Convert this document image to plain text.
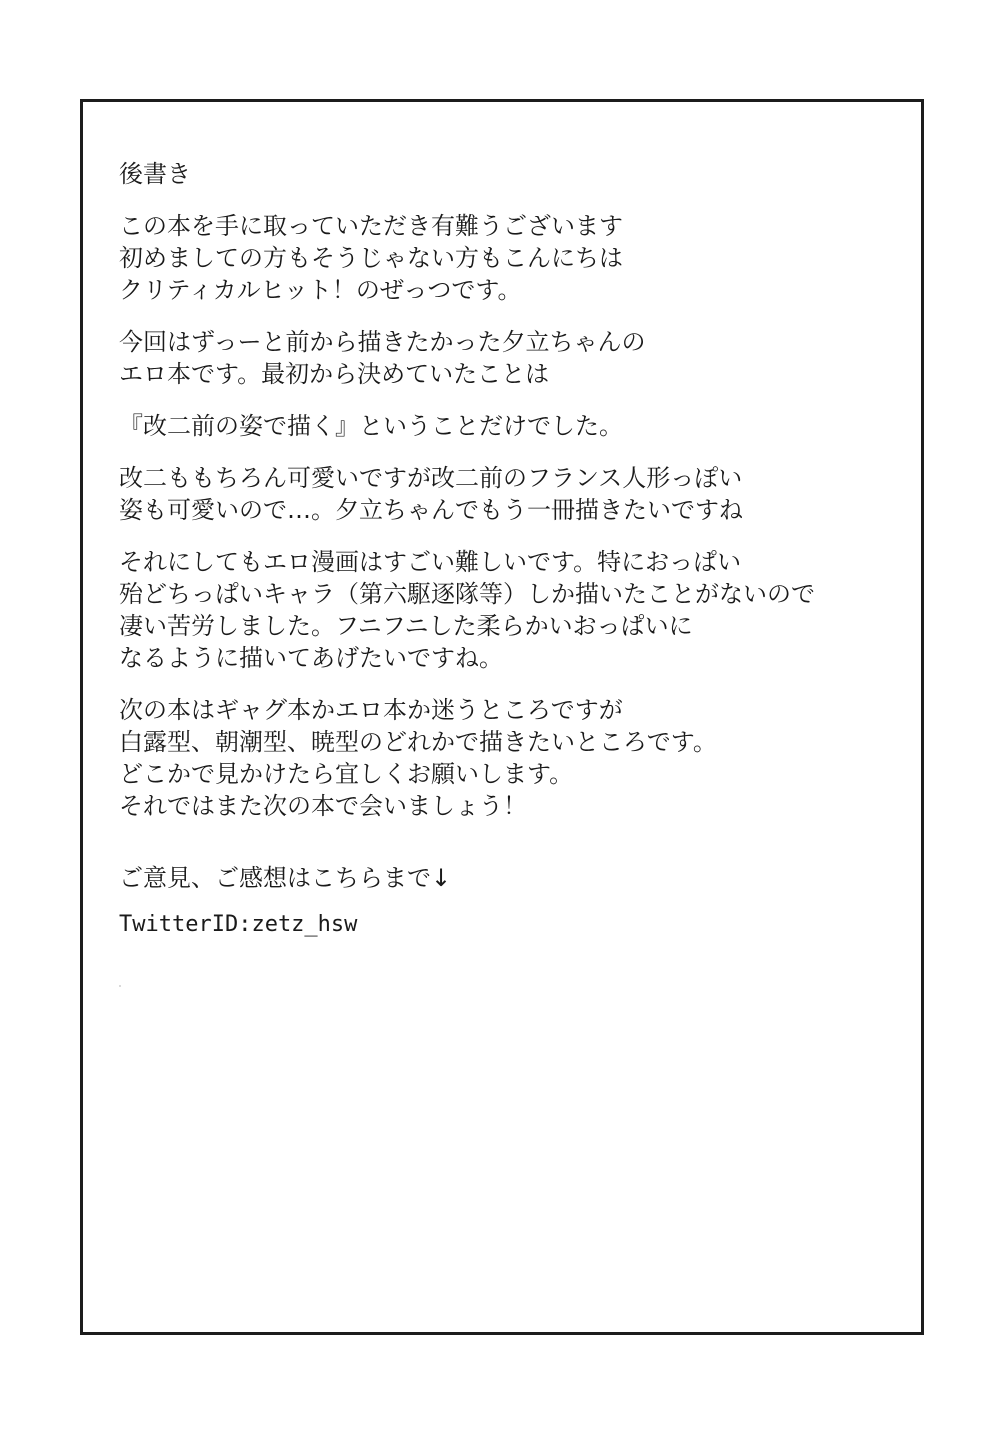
後書き
この本を手に取っていただき有難うございます
初めましての方もそうじゃない方もこんにちは
クリティカルヒット！のぜっつです。
今回はずっーと前から描きたかった夕立ちゃんの
エロ本です。最初から決めていたことは
『改二前の姿で描く』ということだけでした。
改二ももちろん可愛いですが改二前のフランス人形っぽい
姿も可愛いので…。夕立ちゃんでもう一冊描きたいですね
それにしてもエロ漫画はすごい難しいです。特におっぱい
殆どちっぱいキャラ（第六駆逐隊等）しか描いたことがないので
凄い苦労しました。フニフニした柔らかいおっぱいに
なるように描いてあげたいですね。
次の本はギャグ本かエロ本か迷うところですが
白露型、朝潮型、暁型のどれかで描きたいところです。
どこかで見かけたら宜しくお願いします。
それではまた次の本で会いましょう！
ご意見、ご感想はこちらまで↓
TwitterID:zetz_hsw
